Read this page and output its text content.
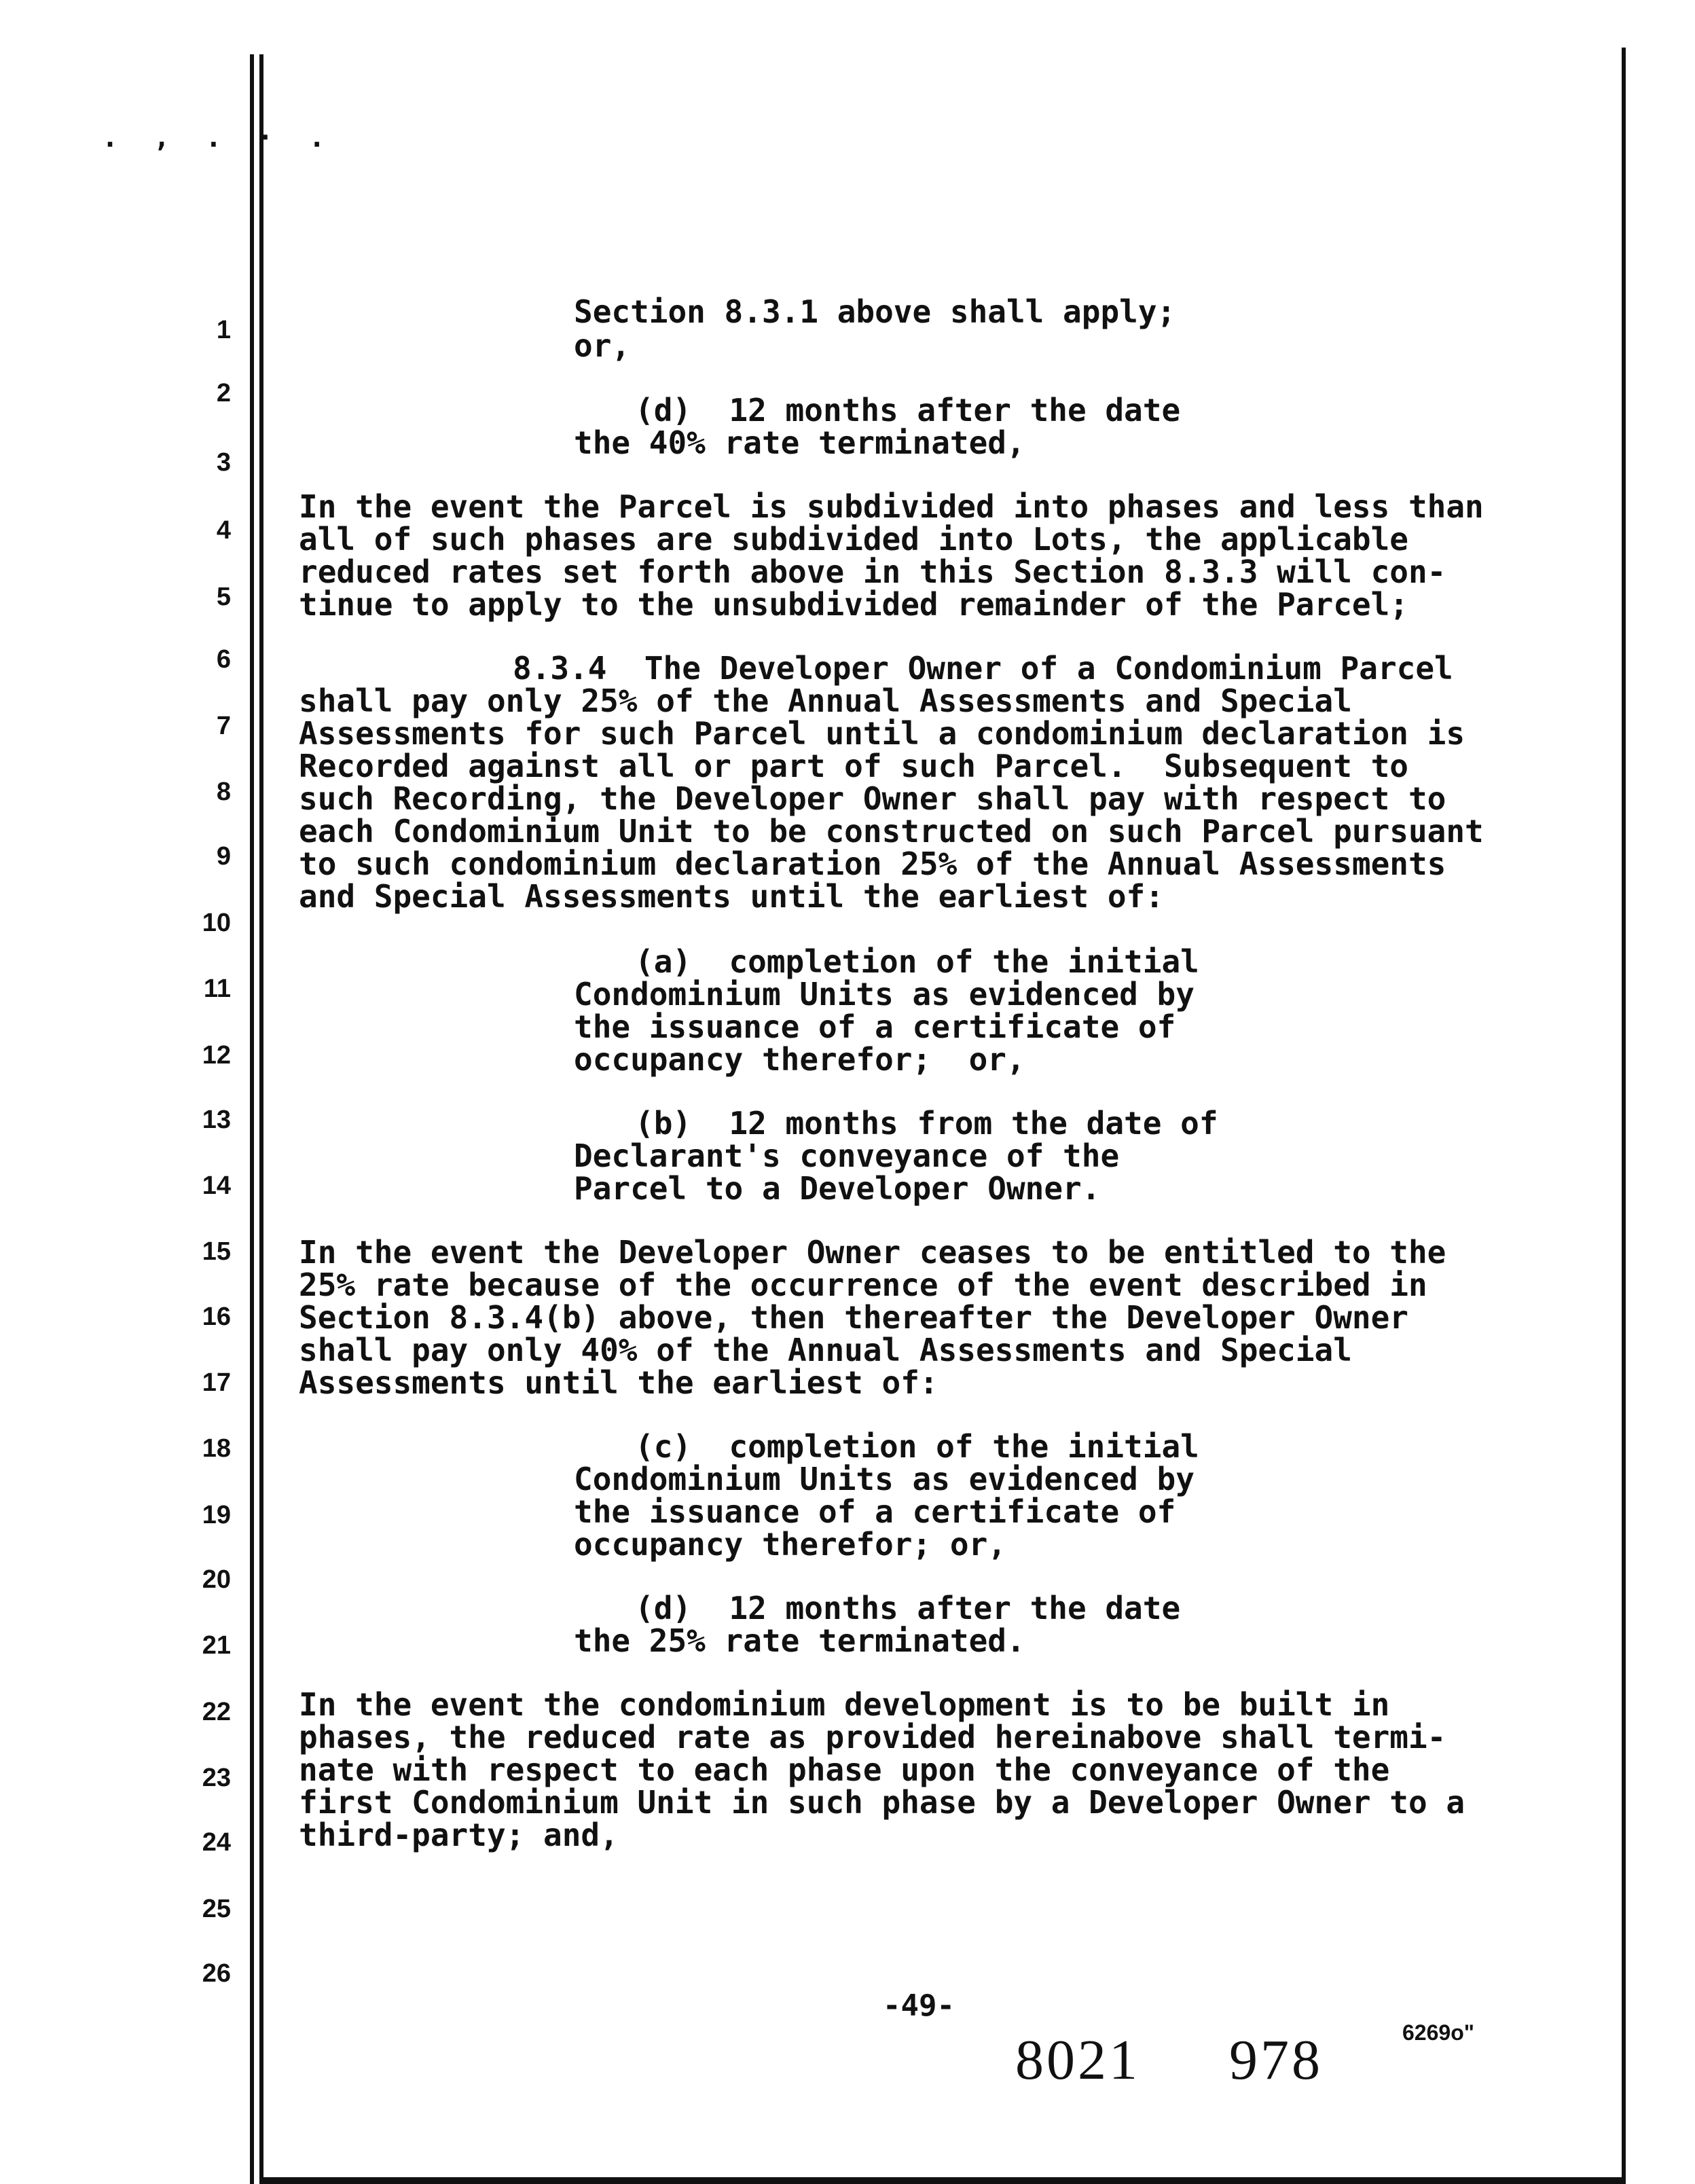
. , . · .
1
2
3
4
5
6
7
8
9
10
11
12
13
14
15
16
17
18
19
20
21
22
23
24
25
26
Section 8.3.1 above shall apply;
or,
(d)  12 months after the date
the 40% rate terminated,
In the event the Parcel is subdivided into phases and less than
all of such phases are subdivided into Lots, the applicable
reduced rates set forth above in this Section 8.3.3 will con-
tinue to apply to the unsubdivided remainder of the Parcel;
8.3.4  The Developer Owner of a Condominium Parcel
shall pay only 25% of the Annual Assessments and Special
Assessments for such Parcel until a condominium declaration is
Recorded against all or part of such Parcel.  Subsequent to
such Recording, the Developer Owner shall pay with respect to
each Condominium Unit to be constructed on such Parcel pursuant
to such condominium declaration 25% of the Annual Assessments
and Special Assessments until the earliest of:
(a)  completion of the initial
Condominium Units as evidenced by
the issuance of a certificate of
occupancy therefor;  or,
(b)  12 months from the date of
Declarant's conveyance of the
Parcel to a Developer Owner.
In the event the Developer Owner ceases to be entitled to the
25% rate because of the occurrence of the event described in
Section 8.3.4(b) above, then thereafter the Developer Owner
shall pay only 40% of the Annual Assessments and Special
Assessments until the earliest of:
(c)  completion of the initial
Condominium Units as evidenced by
the issuance of a certificate of
occupancy therefor; or,
(d)  12 months after the date
the 25% rate terminated.
In the event the condominium development is to be built in
phases, the reduced rate as provided hereinabove shall termi-
nate with respect to each phase upon the conveyance of the
first Condominium Unit in such phase by a Developer Owner to a
third-party; and,
-49-
8021 978	6269o"
